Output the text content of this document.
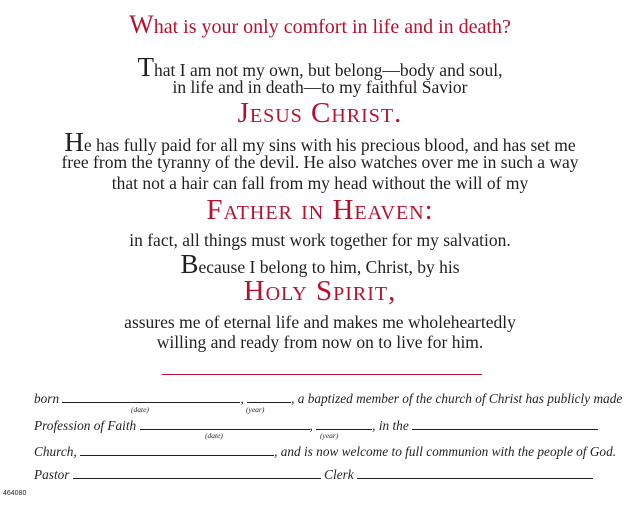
What is your only comfort in life and in death?
That I am not my own, but belong—body and soul,
in life and in death—to my faithful Savior
Jesus Christ.
He has fully paid for all my sins with his precious blood, and has set me
free from the tyranny of the devil. He also watches over me in such a way
that not a hair can fall from my head without the will of my
Father in Heaven:
in fact, all things must work together for my salvation.
Because I belong to him, Christ, by his
Holy Spirit,
assures me of eternal life and makes me wholeheartedly
willing and ready from now on to live for him.
born	,	, a baptized member of the church of Christ has publicly made
(date)	(year)
Profession of Faith	,	, in the
(date)	(year)
Church,	, and is now welcome to full communion with the people of God.
Pastor	Clerk
464080
